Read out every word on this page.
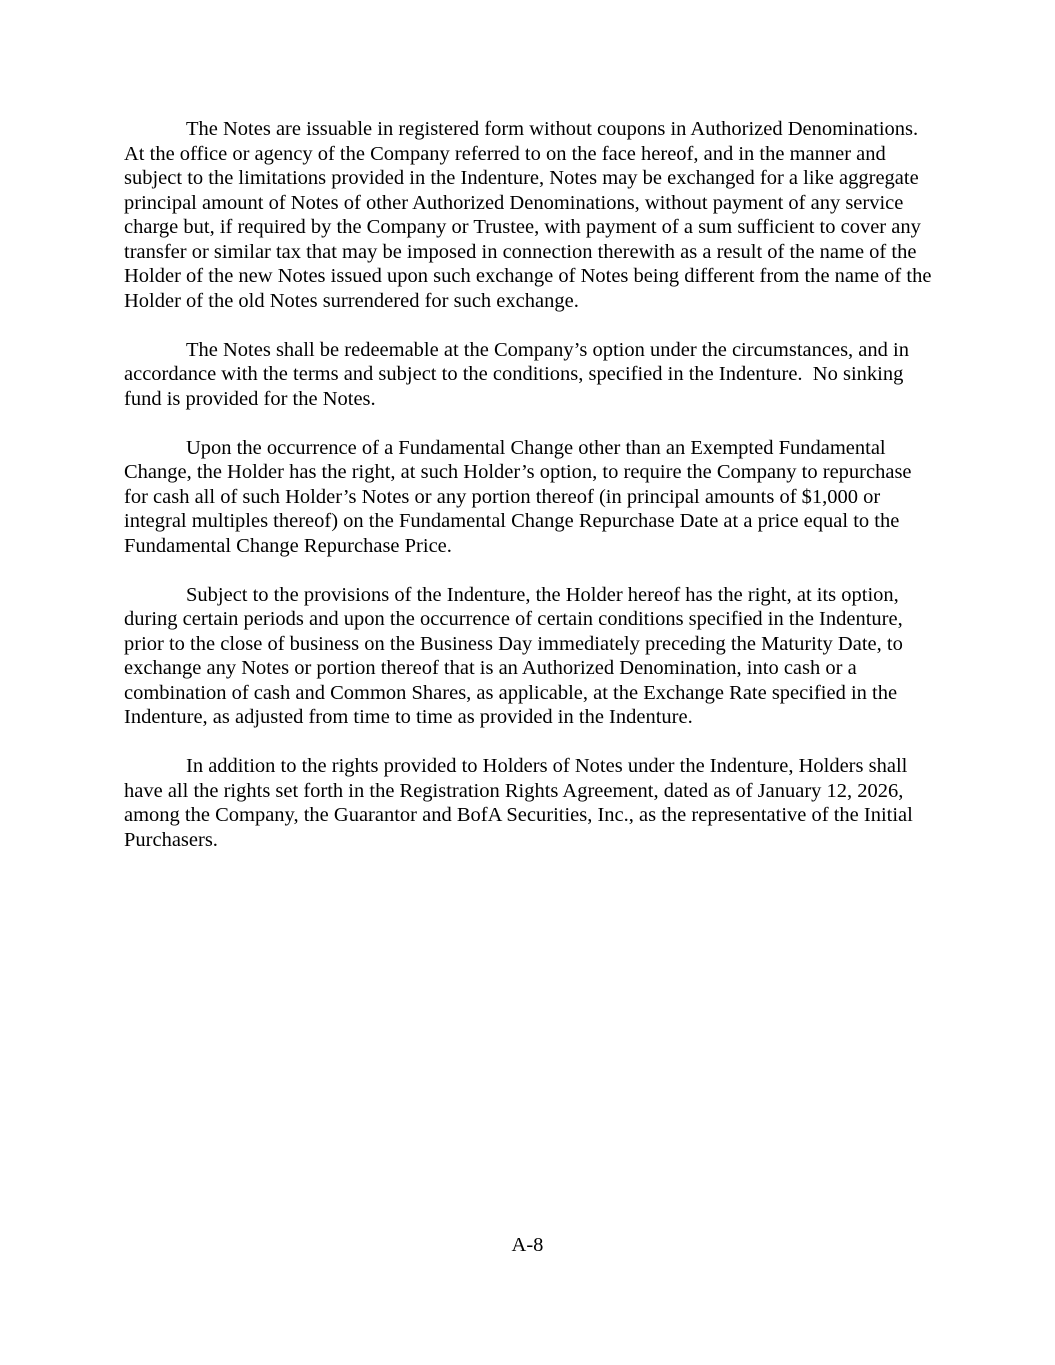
The Notes are issuable in registered form without coupons in Authorized Denominations. At the office or agency of the Company referred to on the face hereof, and in the manner and subject to the limitations provided in the Indenture, Notes may be exchanged for a like aggregate principal amount of Notes of other Authorized Denominations, without payment of any service charge but, if required by the Company or Trustee, with payment of a sum sufficient to cover any transfer or similar tax that may be imposed in connection therewith as a result of the name of the Holder of the new Notes issued upon such exchange of Notes being different from the name of the Holder of the old Notes surrendered for such exchange.

The Notes shall be redeemable at the Company’s option under the circumstances, and in accordance with the terms and subject to the conditions, specified in the Indenture.  No sinking fund is provided for the Notes.

Upon the occurrence of a Fundamental Change other than an Exempted Fundamental Change, the Holder has the right, at such Holder’s option, to require the Company to repurchase for cash all of such Holder’s Notes or any portion thereof (in principal amounts of $1,000 or integral multiples thereof) on the Fundamental Change Repurchase Date at a price equal to the Fundamental Change Repurchase Price.

Subject to the provisions of the Indenture, the Holder hereof has the right, at its option, during certain periods and upon the occurrence of certain conditions specified in the Indenture, prior to the close of business on the Business Day immediately preceding the Maturity Date, to exchange any Notes or portion thereof that is an Authorized Denomination, into cash or a combination of cash and Common Shares, as applicable, at the Exchange Rate specified in the Indenture, as adjusted from time to time as provided in the Indenture.

In addition to the rights provided to Holders of Notes under the Indenture, Holders shall have all the rights set forth in the Registration Rights Agreement, dated as of January 12, 2026, among the Company, the Guarantor and BofA Securities, Inc., as the representative of the Initial Purchasers.

A-8
